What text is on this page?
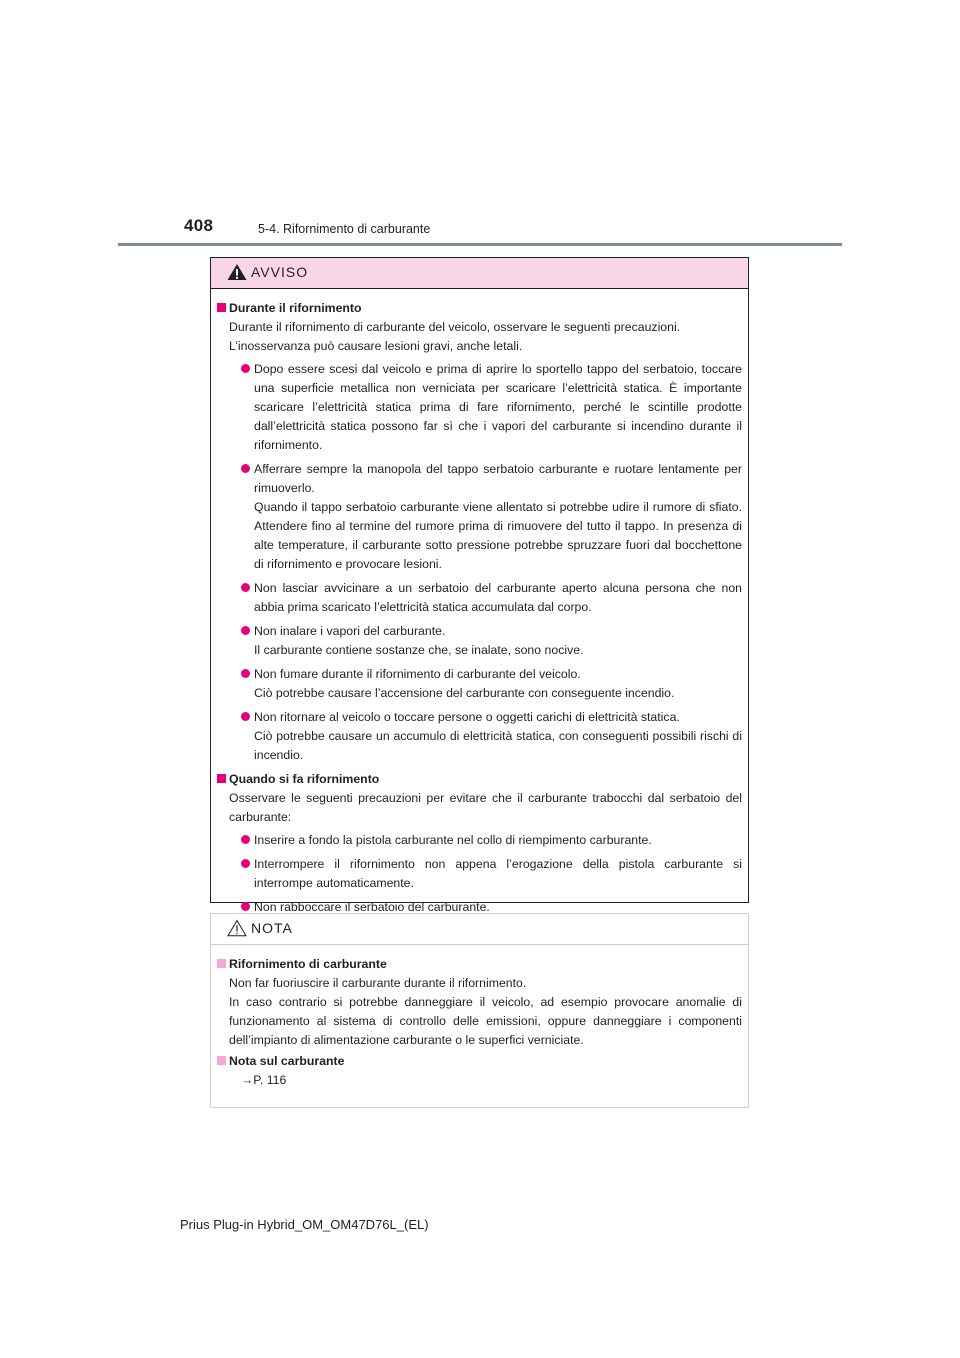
408	5-4. Rifornimento di carburante
AVVISO
Durante il rifornimento
Durante il rifornimento di carburante del veicolo, osservare le seguenti precauzioni.
L’inosservanza può causare lesioni gravi, anche letali.
Dopo essere scesi dal veicolo e prima di aprire lo sportello tappo del serbatoio, toccare una superficie metallica non verniciata per scaricare l’elettricità statica. È importante scaricare l’elettricità statica prima di fare rifornimento, perché le scintille prodotte dall’elettricità statica possono far sì che i vapori del carburante si incendino durante il rifornimento.
Afferrare sempre la manopola del tappo serbatoio carburante e ruotare lentamente per rimuoverlo.
Quando il tappo serbatoio carburante viene allentato si potrebbe udire il rumore di sfiato. Attendere fino al termine del rumore prima di rimuovere del tutto il tappo. In presenza di alte temperature, il carburante sotto pressione potrebbe spruzzare fuori dal bocchettone di rifornimento e provocare lesioni.
Non lasciar avvicinare a un serbatoio del carburante aperto alcuna persona che non abbia prima scaricato l’elettricità statica accumulata dal corpo.
Non inalare i vapori del carburante.
Il carburante contiene sostanze che, se inalate, sono nocive.
Non fumare durante il rifornimento di carburante del veicolo.
Ciò potrebbe causare l’accensione del carburante con conseguente incendio.
Non ritornare al veicolo o toccare persone o oggetti carichi di elettricità statica.
Ciò potrebbe causare un accumulo di elettricità statica, con conseguenti possibili rischi di incendio.
Quando si fa rifornimento
Osservare le seguenti precauzioni per evitare che il carburante trabocchi dal serbatoio del carburante:
Inserire a fondo la pistola carburante nel collo di riempimento carburante.
Interrompere il rifornimento non appena l’erogazione della pistola carburante si interrompe automaticamente.
Non rabboccare il serbatoio del carburante.
NOTA
Rifornimento di carburante
Non far fuoriuscire il carburante durante il rifornimento.
In caso contrario si potrebbe danneggiare il veicolo, ad esempio provocare anomalie di funzionamento al sistema di controllo delle emissioni, oppure danneggiare i componenti dell’impianto di alimentazione carburante o le superfici verniciate.
Nota sul carburante
→P. 116
Prius Plug-in Hybrid_OM_OM47D76L_(EL)
